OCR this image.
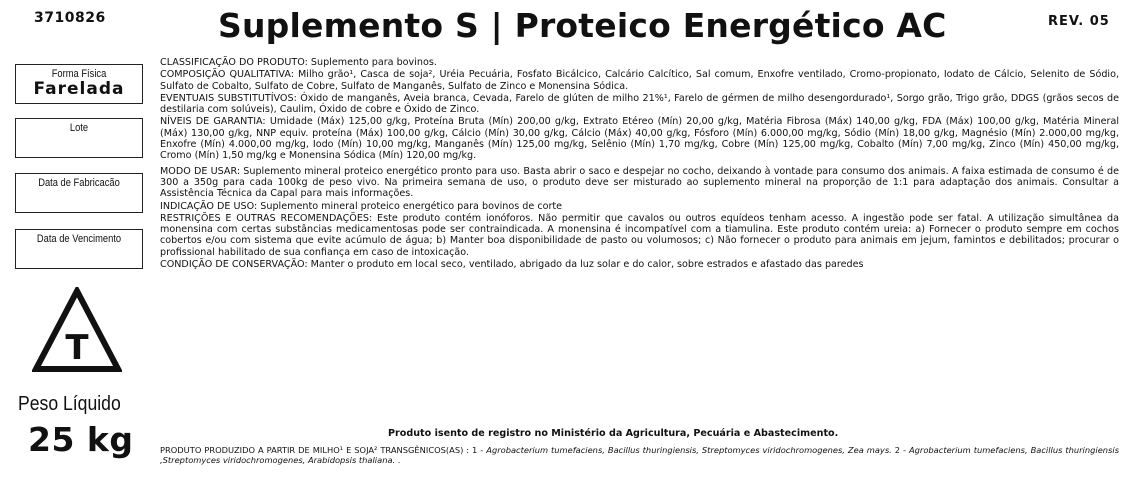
3710826	Suplemento S | Proteico Energético AC	REV. 05
Forma Física
Farelada
Lote
Data de Fabricacão
Data de Vencimento
T
Peso Líquido
25 kg

CLASSIFICAÇÃO DO PRODUTO: Suplemento para bovinos.

COMPOSIÇÃO QUALITATIVA: Milho grão¹, Casca de soja², Uréia Pecuária, Fosfato Bicálcico, Calcário Calcítico, Sal comum, Enxofre ventilado, Cromo-propionato, Iodato de Cálcio, Selenito de Sódio, Sulfato de Cobalto, Sulfato de Cobre, Sulfato de Manganês, Sulfato de Zinco e Monensina Sódica.

EVENTUAIS SUBSTITUTÍVOS: Óxido de manganês, Aveia branca, Cevada, Farelo de glúten de milho 21%¹, Farelo de gérmen de milho desengordurado¹, Sorgo grão, Trigo grão, DDGS (grãos secos de destilaria com solúveis), Caulim, Óxido de cobre e Óxido de Zinco.

NÍVEIS DE GARANTIA: Umidade (Máx) 125,00 g/kg, Proteína Bruta (Mín) 200,00 g/kg, Extrato Etéreo (Mín) 20,00 g/kg, Matéria Fibrosa (Máx) 140,00 g/kg, FDA (Máx) 100,00 g/kg, Matéria Mineral (Máx) 130,00 g/kg, NNP equiv. proteína (Máx) 100,00 g/kg, Cálcio (Mín) 30,00 g/kg, Cálcio (Máx) 40,00 g/kg, Fósforo (Mín) 6.000,00 mg/kg, Sódio (Mín) 18,00 g/kg, Magnésio (Mín) 2.000,00 mg/kg, Enxofre (Mín) 4.000,00 mg/kg, Iodo (Mín) 10,00 mg/kg, Manganês (Mín) 125,00 mg/kg, Selênio (Mín) 1,70 mg/kg, Cobre (Mín) 125,00 mg/kg, Cobalto (Mín) 7,00 mg/kg, Zinco (Mín) 450,00 mg/kg, Cromo (Mín) 1,50 mg/kg e Monensina Sódica (Mín) 120,00 mg/kg.

MODO DE USAR: Suplemento mineral proteico energético pronto para uso. Basta abrir o saco e despejar no cocho, deixando à vontade para consumo dos animais. A faixa estimada de consumo é de 300 a 350g para cada 100kg de peso vivo. Na primeira semana de uso, o produto deve ser misturado ao suplemento mineral na proporção de 1:1 para adaptação dos animais. Consultar a Assistência Técnica da Capal para mais informações.

INDICAÇÃO DE USO: Suplemento mineral proteico energético para bovinos de corte

RESTRIÇÕES E OUTRAS RECOMENDAÇÕES: Este produto contém ionóforos. Não permitir que cavalos ou outros equídeos tenham acesso. A ingestão pode ser fatal. A utilização simultânea da monensina com certas substâncias medicamentosas pode ser contraindicada. A monensina é incompatível com a tiamulina. Este produto contém ureia: a) Fornecer o produto sempre em cochos cobertos e/ou com sistema que evite acúmulo de água; b) Manter boa disponibilidade de pasto ou volumosos; c) Não fornecer o produto para animais em jejum, famintos e debilitados; procurar o profissional habilitado de sua confiança em caso de intoxicação.

CONDIÇÃO DE CONSERVAÇÃO: Manter o produto em local seco, ventilado, abrigado da luz solar e do calor, sobre estrados e afastado das paredes

Produto isento de registro no Ministério da Agricultura, Pecuária e Abastecimento.
PRODUTO PRODUZIDO A PARTIR DE MILHO¹ E SOJA² TRANSGÊNICOS(AS) : 1 - Agrobacterium tumefaciens, Bacillus thuringiensis, Streptomyces viridochromogenes, Zea mays. 2 - Agrobacterium tumefaciens, Bacillus thuringiensis ,Streptomyces viridochromogenes, Arabidopsis thaliana. .
